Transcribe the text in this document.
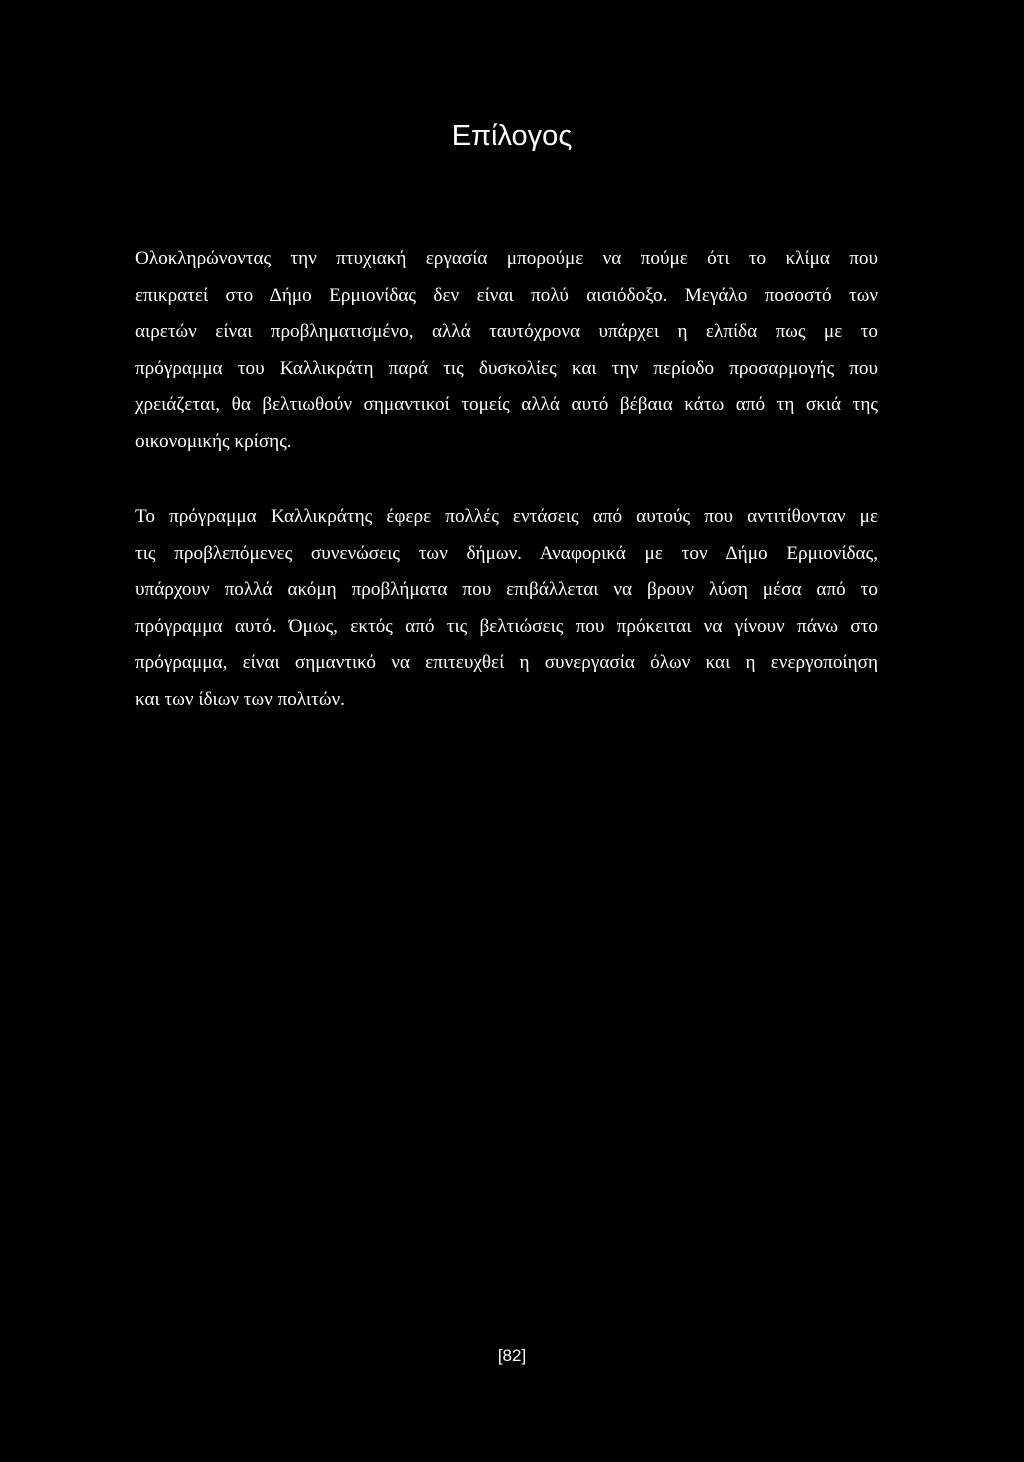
Επίλογος
Ολοκληρώνοντας την πτυχιακή εργασία μπορούμε να πούμε ότι το κλίμα που
επικρατεί στο Δήμο Ερμιονίδας δεν είναι πολύ αισιόδοξο. Μεγάλο ποσοστό των
αιρετών είναι προβληματισμένο, αλλά ταυτόχρονα υπάρχει η ελπίδα πως με το
πρόγραμμα του Καλλικράτη παρά τις δυσκολίες και την περίοδο προσαρμογής που
χρειάζεται, θα βελτιωθούν σημαντικοί τομείς αλλά αυτό βέβαια κάτω από τη σκιά της
οικονομικής κρίσης.
Το πρόγραμμα Καλλικράτης έφερε πολλές εντάσεις από αυτούς που αντιτίθονταν με
τις προβλεπόμενες συνενώσεις των δήμων. Αναφορικά με τον Δήμο Ερμιονίδας,
υπάρχουν πολλά ακόμη προβλήματα που επιβάλλεται να βρουν λύση μέσα από το
πρόγραμμα αυτό. Όμως, εκτός από τις βελτιώσεις που πρόκειται να γίνουν πάνω στο
πρόγραμμα, είναι σημαντικό να επιτευχθεί η συνεργασία όλων και η ενεργοποίηση
και των ίδιων των πολιτών.
[82]
